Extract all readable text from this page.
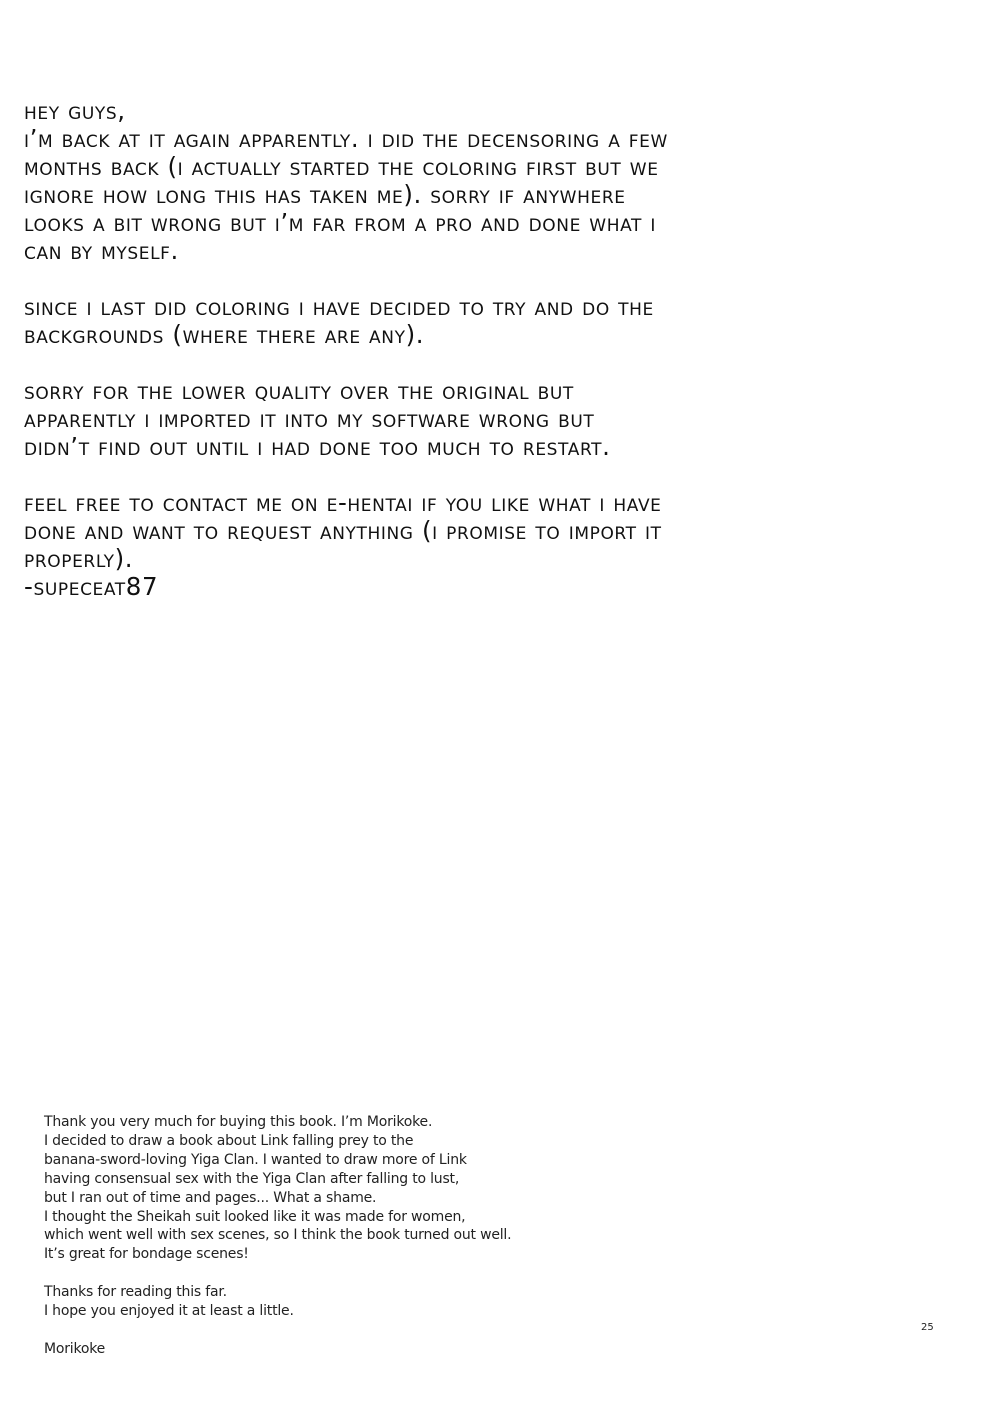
hey guys,

i’m back at it again apparently. i did the decensoring a few
months back (i actually started the coloring first but we
ignore how long this has taken me). sorry if anywhere
looks a bit wrong but i’m far from a pro and done what i
can by myself.

since i last did coloring i have decided to try and do the
backgrounds (where there are any).

sorry for the lower quality over the original but
apparently i imported it into my software wrong but
didn’t find out until i had done too much to restart.

feel free to contact me on e-hentai if you like what i have
done and want to request anything (i promise to import it
properly).

-supeceat87

Thank you very much for buying this book. I’m Morikoke.
I decided to draw a book about Link falling prey to the
banana-sword-loving Yiga Clan. I wanted to draw more of Link
having consensual sex with the Yiga Clan after falling to lust,
but I ran out of time and pages... What a shame.
I thought the Sheikah suit looked like it was made for women,
which went well with sex scenes, so I think the book turned out well.
It’s great for bondage scenes!

Thanks for reading this far.
I hope you enjoyed it at least a little.

Morikoke

25
